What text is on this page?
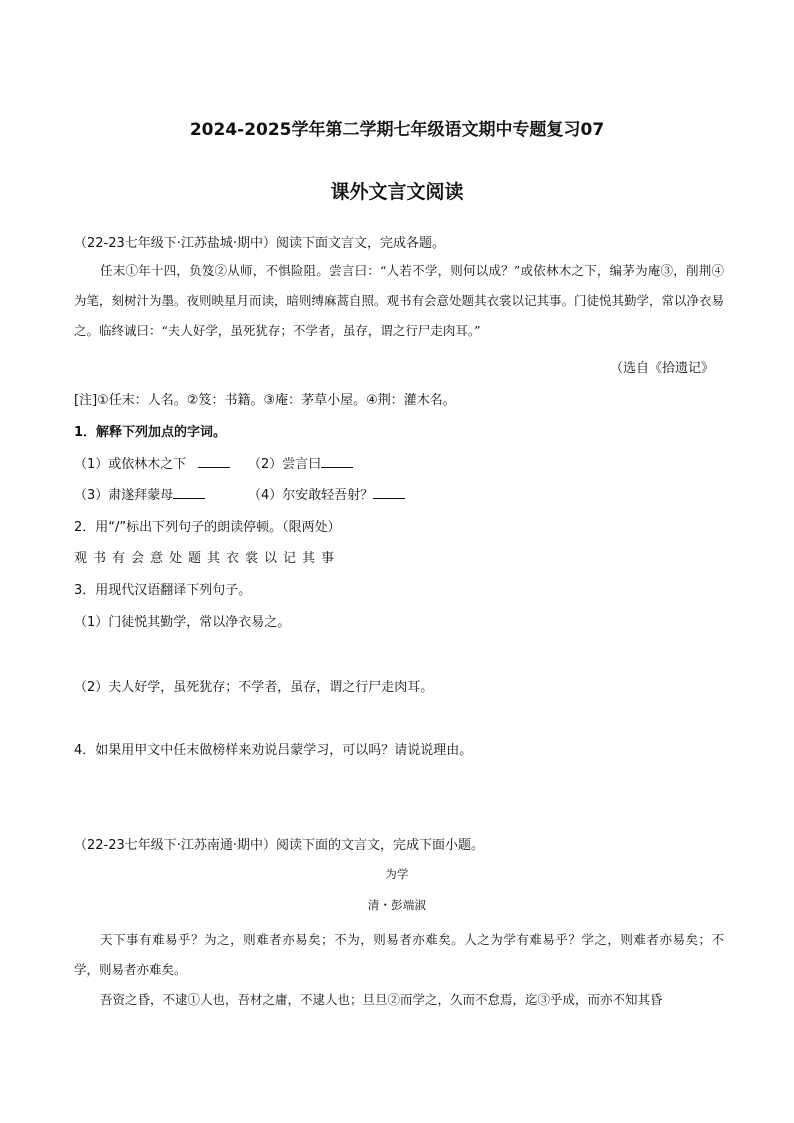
2024-2025学年第二学期七年级语文期中专题复习07
课外文言文阅读
（22-23七年级下·江苏盐城·期中）阅读下面文言文，完成各题。

任末①年十四，负笈②从师，不惧险阻。尝言曰：“人若不学，则何以成？”或依林木之下，编茅为庵③，削荆④为笔，刻树汁为墨。夜则映星月而读，暗则缚麻蒿自照。观书有会意处题其衣裳以记其事。门徒悦其勤学，常以净衣易之。临终诚曰：“夫人好学，虽死犹存；不学者，虽存，谓之行尸走肉耳。”

（选自《拾遗记》
[注]①任末：人名。②笈：书籍。③庵：茅草小屋。④荆：灌木名。
1．解释下列加点的字词。
（1）或依林木之下	（2）尝言曰
（3）肃遂拜蒙母	（4）尔安敢轻吾射？
2．用“/”标出下列句子的朗读停顿。（限两处）
观书有会意处题其衣裳以记其事
3．用现代汉语翻译下列句子。
（1）门徒悦其勤学，常以净衣易之。
（2）夫人好学，虽死犹存；不学者，虽存，谓之行尸走肉耳。
4．如果用甲文中任末做榜样来劝说吕蒙学习，可以吗？请说说理由。
（22-23七年级下·江苏南通·期中）阅读下面的文言文，完成下面小题。
为学
清・彭端淑

天下事有难易乎？为之，则难者亦易矣；不为，则易者亦难矣。人之为学有难易乎？学之，则难者亦易矣；不学，则易者亦难矣。

吾资之昏，不逮①人也，吾材之庸，不逮人也；旦旦②而学之，久而不怠焉，迄③乎成，而亦不知其昏
